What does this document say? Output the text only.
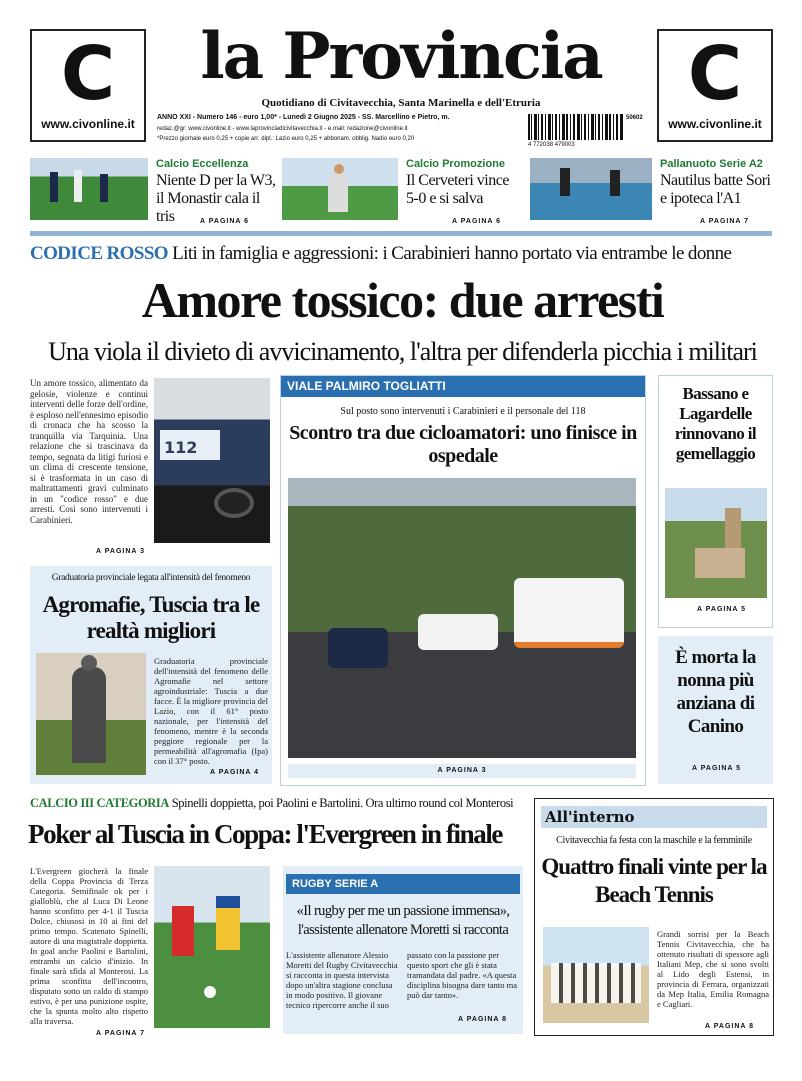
C
www.civonline.it
C
www.civonline.it
la Provincia
Quotidiano di Civitavecchia, Santa Marinella e dell'Etruria
ANNO XXI - Numero 146 - euro 1,00* - Lunedì 2 Giugno 2025 - SS. Marcellino e Pietro, m.
redaz.@gr: www.civonline.it - www.laprovinciadicivitavecchia.it - e.mail: redazione@civonline.it
*Prezzo giornale euro 0,25 + copie arr. dipl.: Lazio euro 0,25 + abbonam. obblig. Nadio euro 0,20
50602
4 772038 479003
Calcio Eccellenza
Niente D per la W3, il Monastir cala il tris	A PAGINA 6
Calcio Promozione
Il Cerveteri vince 5-0 e si salva
A PAGINA 6
Pallanuoto Serie A2
Nautilus batte Sori e ipoteca l'A1
A PAGINA 7
CODICE ROSSO Liti in famiglia e aggressioni: i Carabinieri hanno portato via entrambe le donne
Amore tossico: due arresti
Una viola il divieto di avvicinamento, l'altra per difenderla picchia i militari
Un amore tossico, alimentato da gelosie, violenze e continui interventi delle forze dell'ordine, è esploso nell'ennesimo episodio di cronaca che ha scosso la tranquilla via Tarquinia. Una relazione che si trascinava da tempo, segnata da litigi furiosi e un clima di crescente tensione, si è trasformata in un caso di maltrattamenti gravi culminato in un "codice rosso" e due arresti. Così sono intervenuti i Carabinieri.
112
A PAGINA 3
Graduatoria provinciale legata all'intensità del fenomeno
Agromafie, Tuscia tra le realtà migliori
Graduatoria provinciale dell'intensità del fenomeno delle Agromafie nel settore agroindustriale: Tuscia a due facce. È la migliore provincia del Lazio, con il 61° posto nazionale, per l'intensità del fenomeno, mentre è la seconda peggiore regionale per la permeabilità all'agromafia (Ipa) con il 37° posto.
A PAGINA 4
VIALE PALMIRO TOGLIATTI
Sul posto sono intervenuti i Carabinieri e il personale del 118
Scontro tra due cicloamatori: uno finisce in ospedale
A PAGINA 3
Bassano e Lagardelle rinnovano il gemellaggio
A PAGINA 5
È morta la nonna più anziana di Canino
A PAGINA 5
CALCIO III CATEGORIA Spinelli doppietta, poi Paolini e Bartolini. Ora ultimo round col Monterosi
Poker al Tuscia in Coppa: l'Evergreen in finale
L'Evergreen giocherà la finale della Coppa Provincia di Terza Categoria. Semifinale ok per i gialloblù, che al Luca Di Leone hanno sconfitto per 4-1 il Tuscia Dolce, chiusosi in 10 ai fini del primo tempo. Scatenato Spinelli, autore di una magistrale doppietta. In goal anche Paolini e Bartolini, entrambi un calcio d'inizio. In finale sarà sfida al Monterosi. La prima sconfitta dell'incontro, disputato sotto un caldo di stampo estivo, è per una punizione ospite, che la spunta molto alto rispetto alla traversa.
A PAGINA 7
RUGBY SERIE A
«Il rugby per me un passione immensa», l'assistente allenatore Moretti si racconta
L'assistente allenatore Alessio Moretti del Rugby Civitavecchia si racconta in questa intervista dopo un'altra stagione conclusa in modo positivo. Il giovane tecnico ripercorre anche il suo passato con la passione per questo sport che gli è stata tramandata dal padre. «A questa disciplina bisogna dare tanto ma può dar tanto».
A PAGINA 8
All'interno
Civitavecchia fa festa con la maschile e la femminile
Quattro finali vinte per la Beach Tennis
Grandi sorrisi per la Beach Tennis Civitavecchia, che ha ottenuto risultati di spessore agli Italiani Mep, che si sono svolti al Lido degli Estensi, in provincia di Ferrara, organizzati da Mep Italia, Emilia Romagna e Cagliari.
A PAGINA 8
